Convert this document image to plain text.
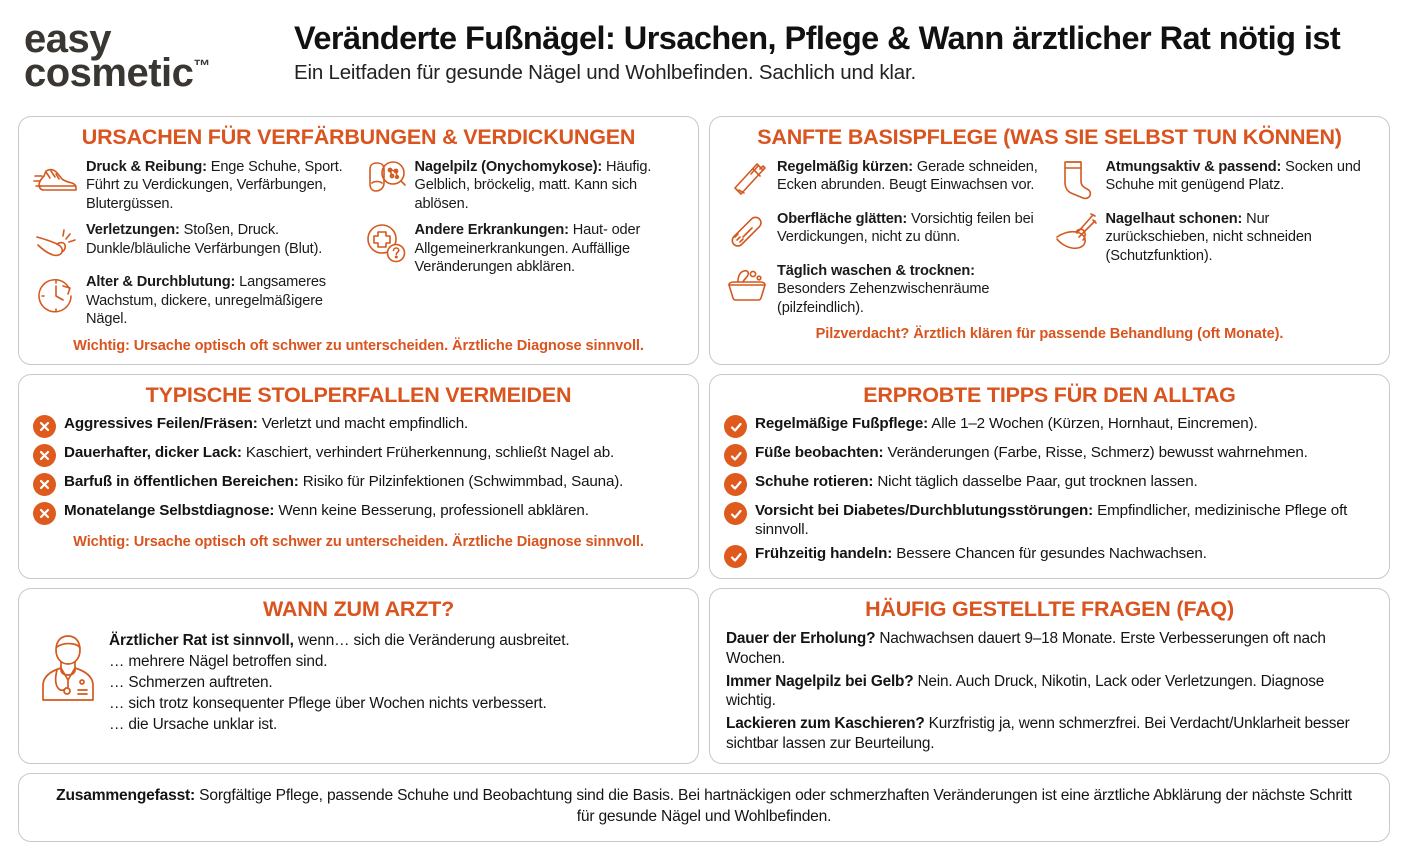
easy
cosmetic™
Veränderte Fußnägel: Ursachen, Pflege & Wann ärztlicher Rat nötig ist
Ein Leitfaden für gesunde Nägel und Wohlbefinden. Sachlich und klar.
URSACHEN FÜR VERFÄRBUNGEN & VERDICKUNGEN
Druck & Reibung: Enge Schuhe, Sport. Führt zu Verdickungen, Verfärbungen, Blutergüssen.
Verletzungen: Stoßen, Druck. Dunkle/bläuliche Verfärbungen (Blut).
Alter & Durchblutung: Langsameres Wachstum, dickere, unregelmäßigere Nägel.
Nagelpilz (Onychomykose): Häufig. Gelblich, bröckelig, matt. Kann sich ablösen.
Andere Erkrankungen: Haut- oder Allgemeinerkrankungen. Auffällige Veränderungen abklären.
Wichtig: Ursache optisch oft schwer zu unterscheiden. Ärztliche Diagnose sinnvoll.
SANFTE BASISPFLEGE (WAS SIE SELBST TUN KÖNNEN)
Regelmäßig kürzen: Gerade schneiden, Ecken abrunden. Beugt Einwachsen vor.
Oberfläche glätten: Vorsichtig feilen bei Verdickungen, nicht zu dünn.
Täglich waschen & trocknen: Besonders Zehenzwischenräume (pilzfeindlich).
Atmungsaktiv & passend: Socken und Schuhe mit genügend Platz.
Nagelhaut schonen: Nur zurückschieben, nicht schneiden (Schutzfunktion).
Pilzverdacht? Ärztlich klären für passende Behandlung (oft Monate).
TYPISCHE STOLPERFALLEN VERMEIDEN
Aggressives Feilen/Fräsen: Verletzt und macht empfindlich.
Dauerhafter, dicker Lack: Kaschiert, verhindert Früherkennung, schließt Nagel ab.
Barfuß in öffentlichen Bereichen: Risiko für Pilzinfektionen (Schwimmbad, Sauna).
Monatelange Selbstdiagnose: Wenn keine Besserung, professionell abklären.
Wichtig: Ursache optisch oft schwer zu unterscheiden. Ärztliche Diagnose sinnvoll.
ERPROBTE TIPPS FÜR DEN ALLTAG
Regelmäßige Fußpflege: Alle 1–2 Wochen (Kürzen, Hornhaut, Eincremen).
Füße beobachten: Veränderungen (Farbe, Risse, Schmerz) bewusst wahrnehmen.
Schuhe rotieren: Nicht täglich dasselbe Paar, gut trocknen lassen.
Vorsicht bei Diabetes/Durchblutungsstörungen: Empfindlicher, medizinische Pflege oft sinnvoll.
Frühzeitig handeln: Bessere Chancen für gesundes Nachwachsen.
WANN ZUM ARZT?
Ärztlicher Rat ist sinnvoll, wenn… sich die Veränderung ausbreitet.
… mehrere Nägel betroffen sind.
… Schmerzen auftreten.
… sich trotz konsequenter Pflege über Wochen nichts verbessert.
… die Ursache unklar ist.
HÄUFIG GESTELLTE FRAGEN (FAQ)
Dauer der Erholung? Nachwachsen dauert 9–18 Monate. Erste Verbesserungen oft nach Wochen.
Immer Nagelpilz bei Gelb? Nein. Auch Druck, Nikotin, Lack oder Verletzungen. Diagnose wichtig.
Lackieren zum Kaschieren? Kurzfristig ja, wenn schmerzfrei. Bei Verdacht/Unklarheit besser sichtbar lassen zur Beurteilung.
Zusammengefasst: Sorgfältige Pflege, passende Schuhe und Beobachtung sind die Basis. Bei hartnäckigen oder schmerzhaften Veränderungen ist eine ärztliche Abklärung der nächste Schritt für gesunde Nägel und Wohlbefinden.
